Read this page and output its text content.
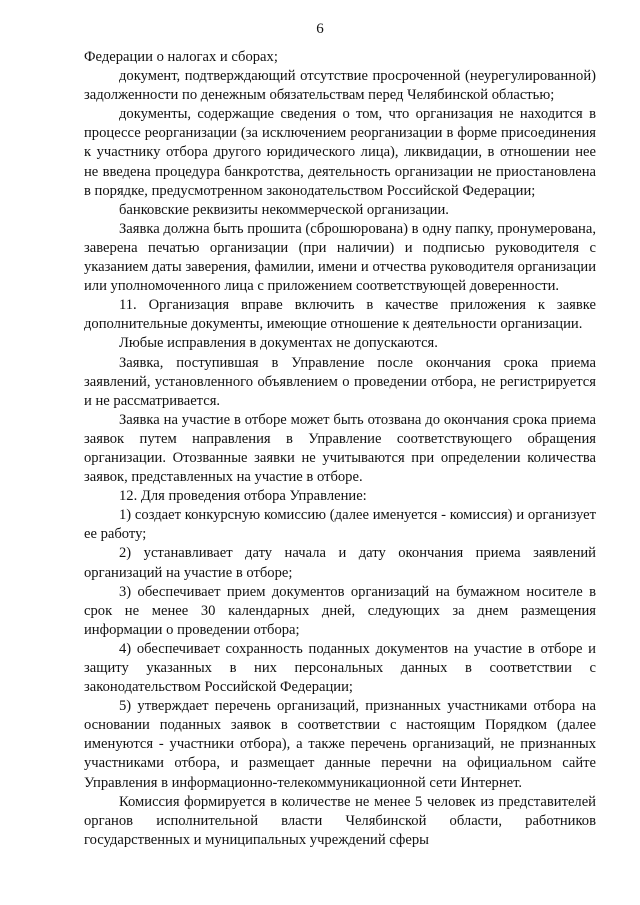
6

Федерации о налогах и сборах;

документ, подтверждающий отсутствие просроченной (неурегулированной) задолженности по денежным обязательствам перед Челябинской областью;

документы, содержащие сведения о том, что организация не находится в процессе реорганизации (за исключением реорганизации в форме присоединения к участнику отбора другого юридического лица), ликвидации, в отношении нее не введена процедура банкротства, деятельность организации не приостановлена в порядке, предусмотренном законодательством Российской Федерации;

банковские реквизиты некоммерческой организации.

Заявка должна быть прошита (сброшюрована) в одну папку, пронумерована, заверена печатью организации (при наличии) и подписью руководителя с указанием даты заверения, фамилии, имени и отчества руководителя организации или уполномоченного лица с приложением соответствующей доверенности.

11. Организация вправе включить в качестве приложения к заявке дополнительные документы, имеющие отношение к деятельности организации.

Любые исправления в документах не допускаются.

Заявка, поступившая в Управление после окончания срока приема заявлений, установленного объявлением о проведении отбора, не регистрируется и не рассматривается.

Заявка на участие в отборе может быть отозвана до окончания срока приема заявок путем направления в Управление соответствующего обращения организации. Отозванные заявки не учитываются при определении количества заявок, представленных на участие в отборе.

12. Для проведения отбора Управление:

1) создает конкурсную комиссию (далее именуется - комиссия) и организует ее работу;

2) устанавливает дату начала и дату окончания приема заявлений организаций на участие в отборе;

3) обеспечивает прием документов организаций на бумажном носителе в срок не менее 30 календарных дней, следующих за днем размещения информации о проведении отбора;

4) обеспечивает сохранность поданных документов на участие в отборе и защиту указанных в них персональных данных в соответствии с законодательством Российской Федерации;

5) утверждает перечень организаций, признанных участниками отбора на основании поданных заявок в соответствии с настоящим Порядком (далее именуются - участники отбора), а также перечень организаций, не признанных участниками отбора, и размещает данные перечни на официальном сайте Управления в информационно-телекоммуникационной сети Интернет.

Комиссия формируется в количестве не менее 5 человек из представителей органов исполнительной власти Челябинской области, работников государственных и муниципальных учреждений сферы
